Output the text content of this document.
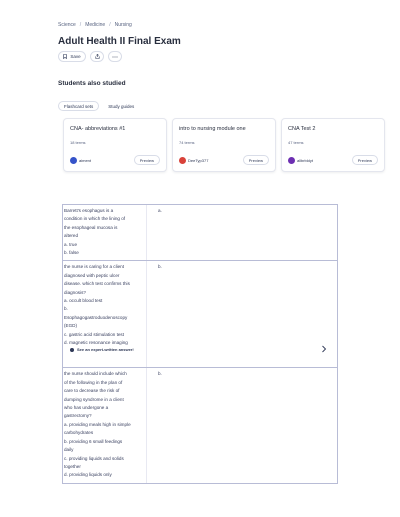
Science / Medicine / Nursing
Adult Health II Final Exam
Save
Students also studied
Flashcard sets	Study guides
CNA- abbreviations #1
18 terms
aiment	Preview
intro to nursing module one
74 terms
DeeTyp377	Preview
CNA Test 2
47 terms
allbrbldyt	Preview
Barrett's esophagus is a
condition in which the lining of
the esophageal mucosa is
altered
a. true
b. false
a.
the nurse is caring for a client
diagnosed with peptic ulcer
disease. which test confirms this
diagnosis?
a. occult blood test
b.
Esophagogastroduodenoscopy
(EGD)
c. gastric acid stimulation test
d. magnetic resonance imaging
b.
the nurse should include which
of the following in the plan of
care to decrease the risk of
dumping syndrome in a client
who has undergone a
gastrectomy?
a. providing meals high in simple
carbohydrates
b. providing 6 small feedings
daily
c. providing liquids and solids
together
d. providing liquids only
b.
See an expert-written answer!
